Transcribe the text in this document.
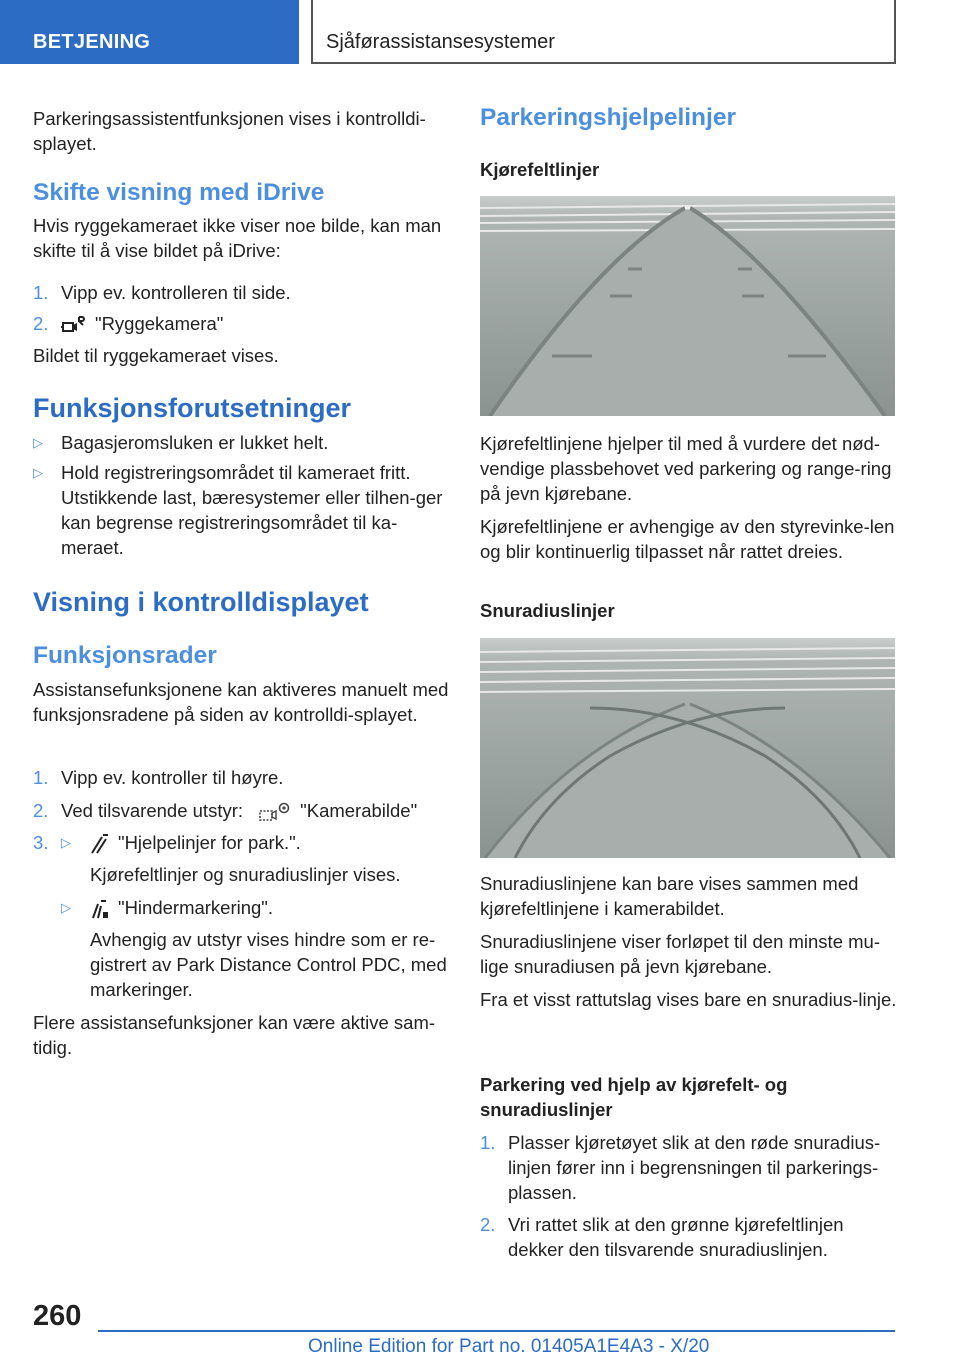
BETJENING	Sjåførassistansesystemer

Parkeringsassistentfunksjonen vises i kontrolldi-
splayet.

Skifte visning med iDrive

Hvis ryggekameraet ikke viser noe bilde, kan man skifte til å vise bildet på iDrive:

1. Vipp ev. kontrolleren til side.
2.	"Ryggekamera"

Bildet til ryggekameraet vises.

Funksjonsforutsetninger
▷ Bagasjeromsluken er lukket helt.

▷ Hold registreringsområdet til kameraet fritt. Utstikkende last, bæresystemer eller tilhen-ger kan begrense registreringsområdet til ka-meraet.

Visning i kontrolldisplayet
Funksjonsrader

Assistansefunksjonene kan aktiveres manuelt med funksjonsradene på siden av kontrolldi-splayet.

1. Vipp ev. kontroller til høyre.
2. Ved tilsvarende utstyr:	"Kamerabilde"
3. ▷	"Hjelpelinjer for park.".

Kjørefeltlinjer og snuradiuslinjer vises.

▷	"Hindermarkering".

Avhengig av utstyr vises hindre som er re-gistrert av Park Distance Control PDC, med markeringer.

Flere assistansefunksjoner kan være aktive sam-tidig.

Parkeringshjelpelinjer
Kjørefeltlinjer

Kjørefeltlinjene hjelper til med å vurdere det nød-vendige plassbehovet ved parkering og range-ring på jevn kjørebane.

Kjørefeltlinjene er avhengige av den styrevinke-len og blir kontinuerlig tilpasset når rattet dreies.

Snuradiuslinjer

Snuradiuslinjene kan bare vises sammen med kjørefeltlinjene i kamerabildet.

Snuradiuslinjene viser forløpet til den minste mu-lige snuradiusen på jevn kjørebane.

Fra et visst rattutslag vises bare en snuradius-linje.

Parkering ved hjelp av kjørefelt- og snuradiuslinjer
1. Plasser kjøretøyet slik at den røde snuradius-linjen fører inn i begrensningen til parkerings-plassen.

2. Vri rattet slik at den grønne kjørefeltlinjen dekker den tilsvarende snuradiuslinjen.

260
Online Edition for Part no. 01405A1E4A3 - X/20
